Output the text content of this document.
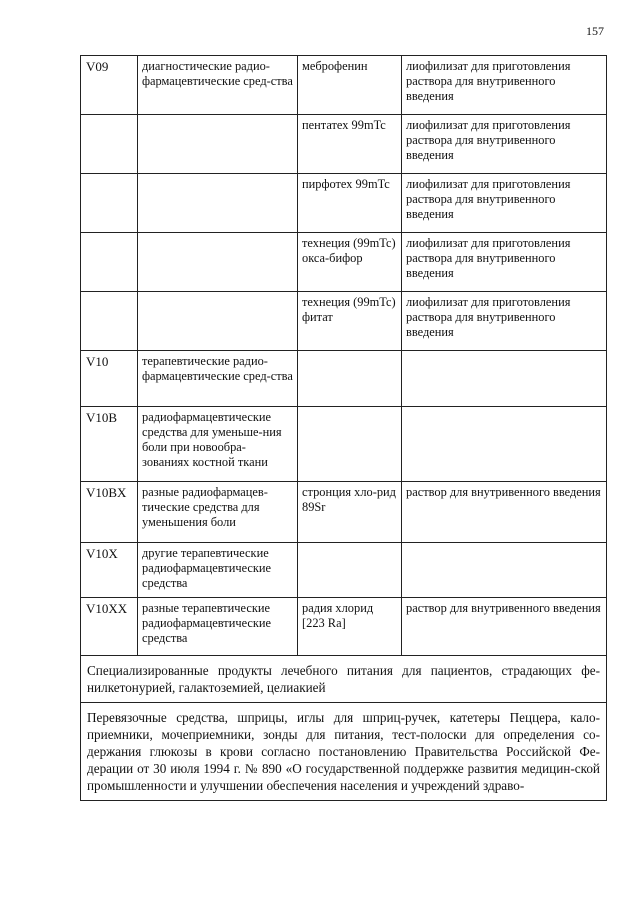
157
V09	диагностические радио-фармацевтические сред-ства	меброфенин	лиофилизат для приготовления раствора для внутривенного введения
		пентатех 99mTc	лиофилизат для приготовления раствора для внутривенного введения
		пирфотех 99mTc	лиофилизат для приготовления раствора для внутривенного введения
		технеция (99mTc) окса-бифор	лиофилизат для приготовления раствора для внутривенного введения
		технеция (99mTc) фитат	лиофилизат для приготовления раствора для внутривенного введения
V10	терапевтические радио-фармацевтические сред-ства		
V10B	радиофармацевтические средства для уменьше-ния боли при новообра-зованиях костной ткани		
V10BX	разные радиофармацев-тические средства для уменьшения боли	стронция хло-рид 89Sr	раствор для внутривенного введения
V10X	другие терапевтические радиофармацевтические средства		
V10XX	разные терапевтические радиофармацевтические средства	радия хлорид [223 Ra]	раствор для внутривенного введения
Специализированные продукты лечебного питания для пациентов, страдающих фе-нилкетонурией, галактоземией, целиакией			
Перевязочные средства, шприцы, иглы для шприц-ручек, катетеры Пеццера, кало-приемники, мочеприемники, зонды для питания, тест-полоски для определения со-держания глюкозы в крови согласно постановлению Правительства Российской Фе-дерации от 30 июля 1994 г. № 890 «О государственной поддержке развития медицин-ской промышленности и улучшении обеспечения населения и учреждений здраво-			
